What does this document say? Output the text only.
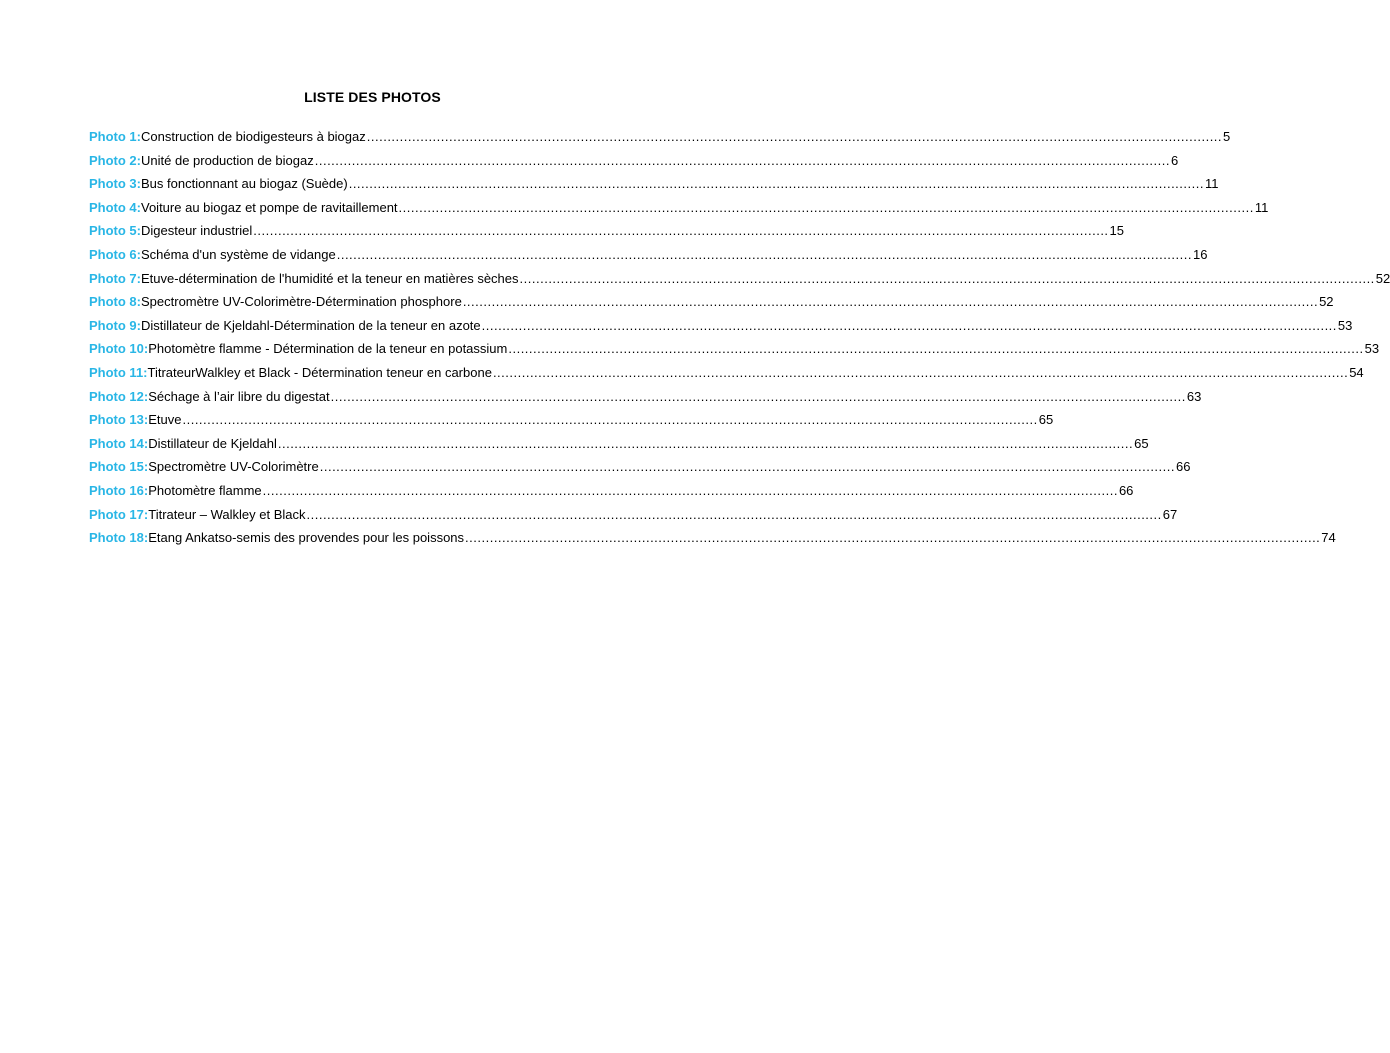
LISTE DES PHOTOS
Photo 1: Construction de biodigesteurs à biogaz .....	5
Photo 2: Unité de production de biogaz .....	6
Photo 3: Bus fonctionnant au biogaz (Suède) .....	11
Photo 4: Voiture au biogaz et pompe de ravitaillement .....	11
Photo 5: Digesteur industriel .....	15
Photo 6: Schéma d'un système de vidange .....	16
Photo 7: Etuve-détermination de l'humidité et la teneur en matières sèches .....	52
Photo 8: Spectromètre UV-Colorimètre-Détermination phosphore .....	52
Photo 9: Distillateur de Kjeldahl-Détermination de la teneur en azote .....	53
Photo 10: Photomètre flamme - Détermination de la teneur en potassium .....	53
Photo 11: TitrateurWalkley et Black - Détermination teneur en carbone .....	54
Photo 12: Séchage à l’air libre du digestat .....	63
Photo 13: Etuve .....	65
Photo 14: Distillateur de Kjeldahl .....	65
Photo 15: Spectromètre UV-Colorimètre .....	66
Photo 16: Photomètre flamme .....	66
Photo 17: Titrateur – Walkley et Black .....	67
Photo 18: Etang Ankatso-semis des provendes pour les poissons .....	74
